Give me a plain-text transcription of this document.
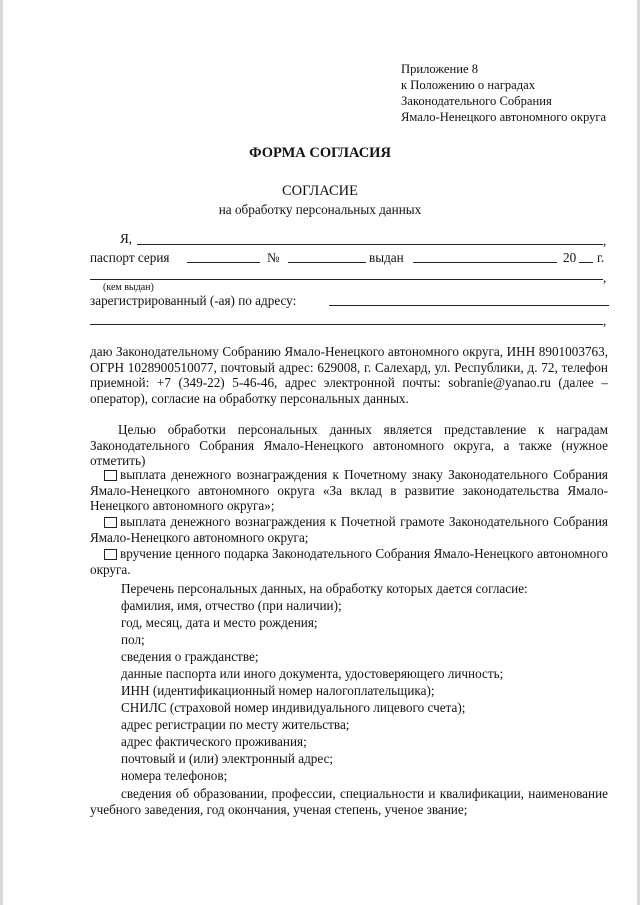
Приложение 8
к Положению о наградах
Законодательного Собрания
Ямало-Ненецкого автономного округа
ФОРМА СОГЛАСИЯ
СОГЛАСИЕ
на обработку персональных данных
Я,	,
паспорт серия	№	выдан	20 г.
,
(кем выдан)
зарегистрированный (-ая) по адресу:
,
даю Законодательному Собранию Ямало-Ненецкого автономного округа, ИНН 8901003763, ОГРН 1028900510077, почтовый адрес: 629008, г. Салехард, ул. Республики, д. 72, телефон приемной: +7 (349-22) 5-46-46, адрес электронной почты: sobranie@yanao.ru (далее – оператор), согласие на обработку персональных данных.
Целью обработки персональных данных является представление к наградам Законодательного Собрания Ямало-Ненецкого автономного округа, а также (нужное отметить)
выплата денежного вознаграждения к Почетному знаку Законодательного Собрания Ямало-Ненецкого автономного округа «За вклад в развитие законодательства Ямало-Ненецкого автономного округа»;
выплата денежного вознаграждения к Почетной грамоте Законодательного Собрания Ямало-Ненецкого автономного округа;
вручение ценного подарка Законодательного Собрания Ямало-Ненецкого автономного округа.
Перечень персональных данных, на обработку которых дается согласие:
фамилия, имя, отчество (при наличии);
год, месяц, дата и место рождения;
пол;
сведения о гражданстве;
данные паспорта или иного документа, удостоверяющего личность;
ИНН (идентификационный номер налогоплательщика);
СНИЛС (страховой номер индивидуального лицевого счета);
адрес регистрации по месту жительства;
адрес фактического проживания;
почтовый и (или) электронный адрес;
номера телефонов;
сведения об образовании, профессии, специальности и квалификации, наименование учебного заведения, год окончания, ученая степень, ученое звание;
